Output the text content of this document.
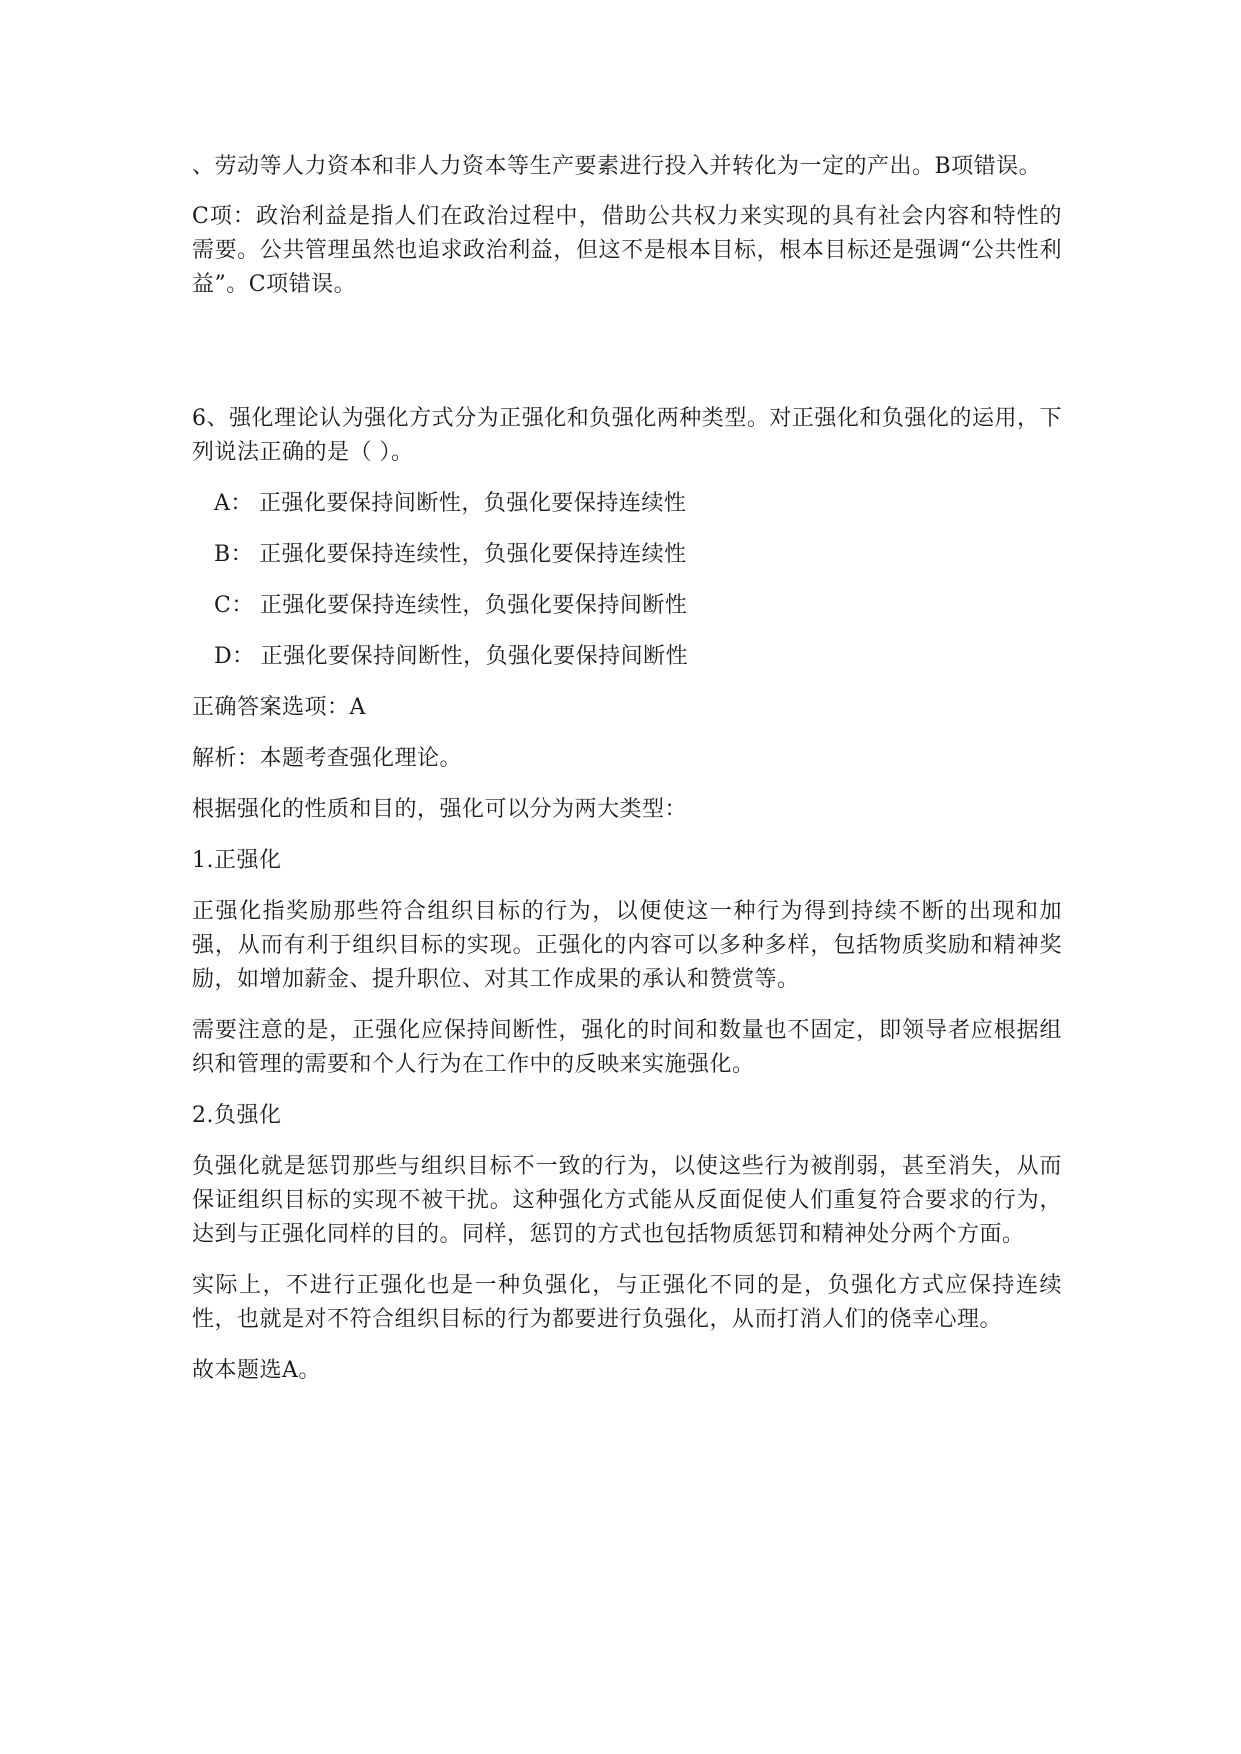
、劳动等人力资本和非人力资本等生产要素进行投入并转化为一定的产出。B项错误。

C项：政治利益是指人们在政治过程中，借助公共权力来实现的具有社会内容和特性的需要。公共管理虽然也追求政治利益，但这不是根本目标，根本目标还是强调“公共性利益”。C项错误。

6、强化理论认为强化方式分为正强化和负强化两种类型。对正强化和负强化的运用，下列说法正确的是（ ）。

A： 正强化要保持间断性，负强化要保持连续性

B： 正强化要保持连续性，负强化要保持连续性

C： 正强化要保持连续性，负强化要保持间断性

D： 正强化要保持间断性，负强化要保持间断性

正确答案选项：A

解析：本题考查强化理论。

根据强化的性质和目的，强化可以分为两大类型：

1.正强化

正强化指奖励那些符合组织目标的行为，以便使这一种行为得到持续不断的出现和加强，从而有利于组织目标的实现。正强化的内容可以多种多样，包括物质奖励和精神奖励，如增加薪金、提升职位、对其工作成果的承认和赞赏等。

需要注意的是，正强化应保持间断性，强化的时间和数量也不固定，即领导者应根据组织和管理的需要和个人行为在工作中的反映来实施强化。

2.负强化

负强化就是惩罚那些与组织目标不一致的行为，以使这些行为被削弱，甚至消失，从而保证组织目标的实现不被干扰。这种强化方式能从反面促使人们重复符合要求的行为，达到与正强化同样的目的。同样，惩罚的方式也包括物质惩罚和精神处分两个方面。

实际上，不进行正强化也是一种负强化，与正强化不同的是，负强化方式应保持连续性，也就是对不符合组织目标的行为都要进行负强化，从而打消人们的侥幸心理。

故本题选A。
